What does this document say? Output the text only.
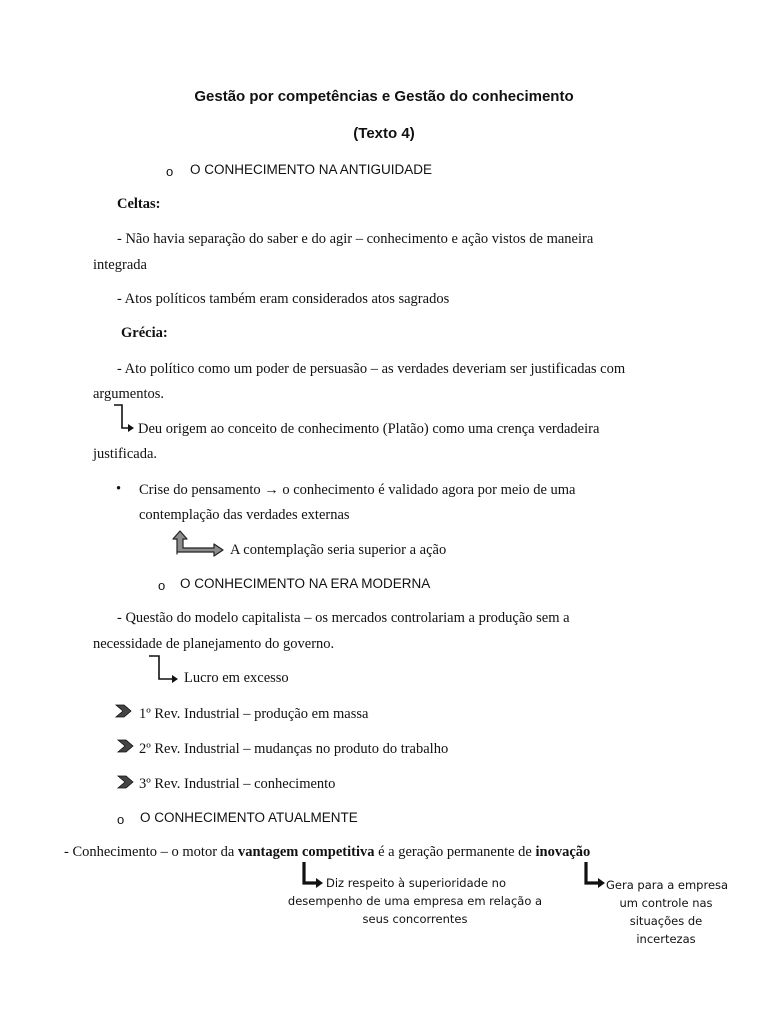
Gestão por competências e Gestão do conhecimento
(Texto 4)
o O CONHECIMENTO NA ANTIGUIDADE
Celtas:
- Não havia separação do saber e do agir – conhecimento e ação vistos de maneira
integrada
- Atos políticos também eram considerados atos sagrados
Grécia:
- Ato político como um poder de persuasão – as verdades deveriam ser justificadas com
argumentos.
Deu origem ao conceito de conhecimento (Platão) como uma crença verdadeira
justificada.
• Crise do pensamento → o conhecimento é validado agora por meio de uma
contemplação das verdades externas
A contemplação seria superior a ação
o O CONHECIMENTO NA ERA MODERNA
- Questão do modelo capitalista – os mercados controlariam a produção sem a
necessidade de planejamento do governo.
Lucro em excesso
1º Rev. Industrial – produção em massa
2º Rev. Industrial – mudanças no produto do trabalho
3º Rev. Industrial – conhecimento
o O CONHECIMENTO ATUALMENTE
- Conhecimento – o motor da vantagem competitiva é a geração permanente de inovação
Diz respeito à superioridade no
desempenho de uma empresa em relação a
seus concorrentes
Gera para a empresa
um controle nas
situações de
incertezas
